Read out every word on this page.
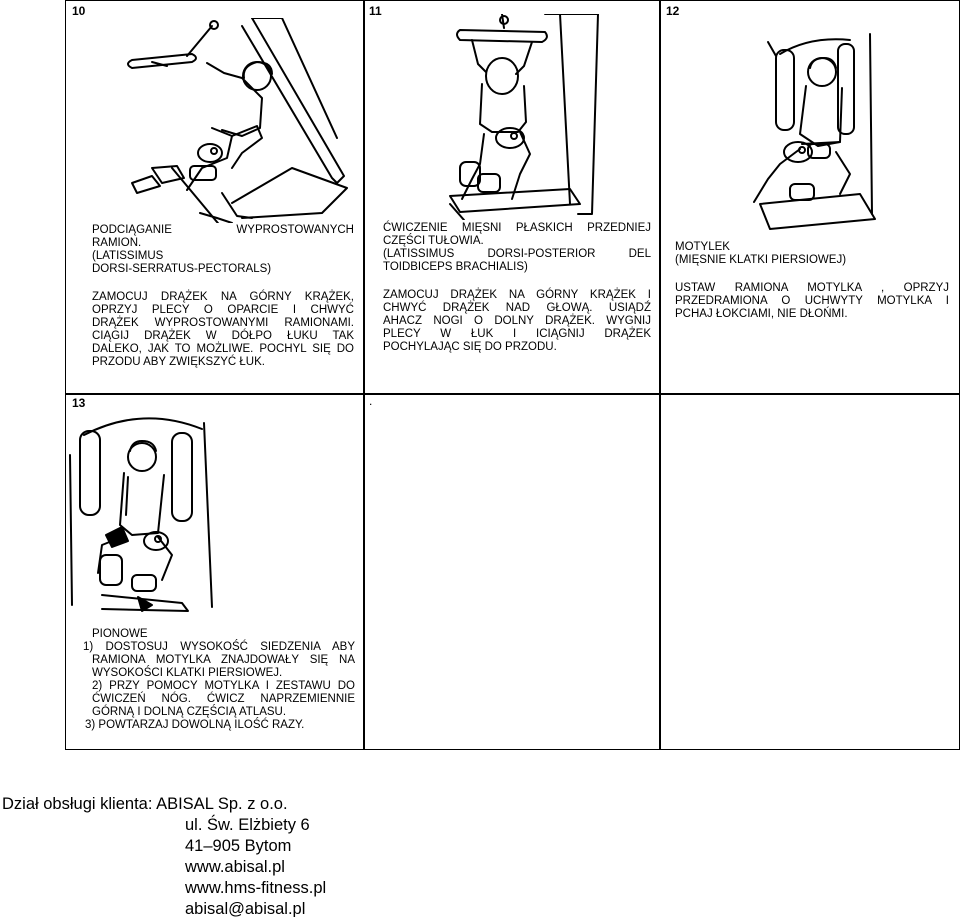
10
PODCIĄGANIE WYPROSTOWANYCH
RAMION.
(LATISSIMUS
DORSI-SERRATUS-PECTORALS)
ZAMOCUJ DRĄŻEK NA GÓRNY KRĄŻEK,
OPRZYJ PLECY O OPARCIE I CHWYĆ
DRĄŻEK WYPROSTOWANYMI RAMIONAMI.
CIĄGIJ DRĄŻEK W DÓŁPO ŁUKU TAK
DALEKO, JAK TO MOŻLIWE. POCHYL SIĘ DO
PRZODU ABY ZWIĘKSZYĆ ŁUK.
11
ĆWICZENIE MIĘSNI PŁASKICH PRZEDNIEJ
CZĘŚCI TUŁOWIA.
(LATISSIMUS DORSI-POSTERIOR DEL
TOIDBICEPS BRACHIALIS)
ZAMOCUJ DRĄŻEK NA GÓRNY KRĄŻEK I
CHWYĆ DRĄŻEK NAD GŁOWĄ. USIĄDŹ
AHACZ NOGI O DOLNY DRĄŻEK. WYGNIJ
PLECY W ŁUK I ICIĄGNIJ DRĄŻEK
POCHYLAJĄC SIĘ DO PRZODU.
12
MOTYLEK
(MIĘSNIE KLATKI PIERSIOWEJ)
USTAW RAMIONA MOTYLKA , OPRZYJ
PRZEDRAMIONA O UCHWYTY MOTYLKA I
PCHAJ ŁOKCIAMI, NIE DŁOŃMI.
13
PIONOWE
1) DOSTOSUJ WYSOKOŚĆ SIEDZENIA ABY
RAMIONA MOTYLKA ZNAJDOWAŁY SIĘ NA
WYSOKOŚCI KLATKI PIERSIOWEJ.
2) PRZY POMOCY MOTYLKA I ZESTAWU DO
ĆWICZEŃ NÓG. ĆWICZ NAPRZEMIENNIE
GÓRNĄ I DOLNĄ CZĘŚCIĄ ATLASU.
3) POWTARZAJ DOWOLNĄ ILOŚĆ RAZY.
.
Dział obsługi klienta: ABISAL Sp. z o.o.
ul. Św. Elżbiety 6
41–905 Bytom
www.abisal.pl
www.hms-fitness.pl
abisal@abisal.pl
